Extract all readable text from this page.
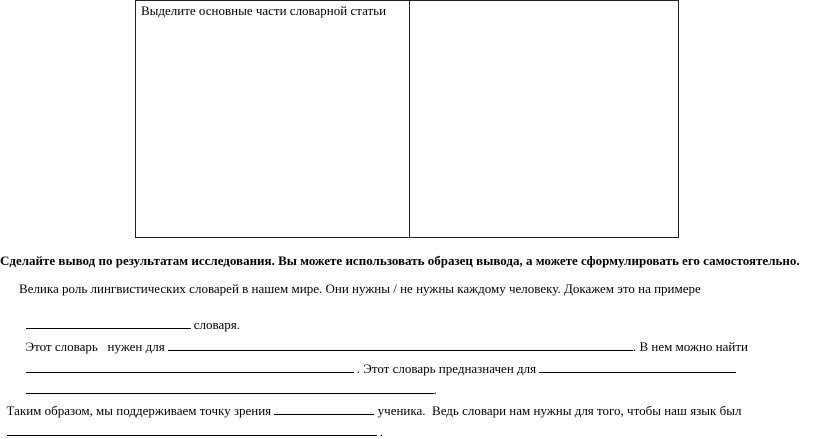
Выделите основные части словарной статьи
Сделайте вывод по результатам исследования. Вы можете использовать образец вывода, а можете сформулировать его самостоятельно.
Велика роль лингвистических словарей в нашем мире. Они нужны / не нужны каждому человеку. Докажем это на примере

словаря.

Этот словарь   нужен для	. В нем можно найти

. Этот словарь предназначен для

.

Таким образом, мы поддерживаем точку зрения	ученика.  Ведь словари нам нужны для того, чтобы наш язык был

.
